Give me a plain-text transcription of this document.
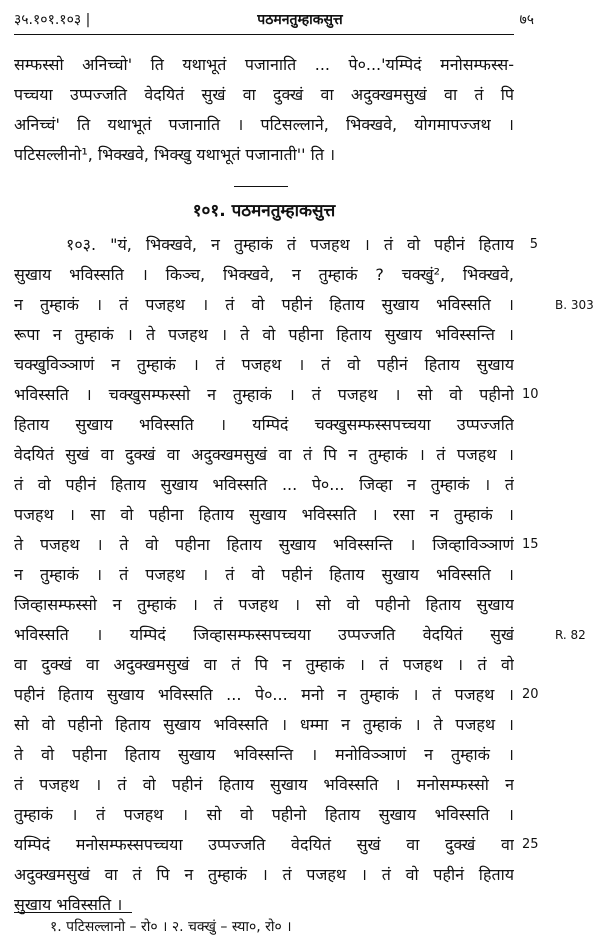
३५.१०१.१०३ |	पठमनतुम्हाकसुत्त	७५
सम्फस्सो अनिच्चो' ति यथाभूतं पजानाति ... पे०...'यम्पिदं मनोसम्फस्स-
पच्चया उप्पज्जति वेदयितं सुखं वा दुक्खं वा अदुक्खमसुखं वा तं पि
अनिच्चं' ति यथाभूतं पजानाति । पटिसल्लाने, भिक्खवे, योगमापज्जथ ।
पटिसल्लीनो¹, भिक्खवे, भिक्खु यथाभूतं पजानाती'' ति ।
१०१. पठमनतुम्हाकसुत्त
१०३. "यं, भिक्खवे, न तुम्हाकं तं पजहथ । तं वो पहीनं हिताय
सुखाय भविस्सति । किञ्च, भिक्खवे, न तुम्हाकं ? चक्खुं², भिक्खवे,
न तुम्हाकं । तं पजहथ । तं वो पहीनं हिताय सुखाय भविस्सति ।
रूपा न तुम्हाकं । ते पजहथ । ते वो पहीना हिताय सुखाय भविस्सन्ति ।
चक्खुविञ्ञाणं न तुम्हाकं । तं पजहथ । तं वो पहीनं हिताय सुखाय
भविस्सति । चक्खुसम्फस्सो न तुम्हाकं । तं पजहथ । सो वो पहीनो
हिताय सुखाय भविस्सति । यम्पिदं चक्खुसम्फस्सपच्चया उप्पज्जति
वेदयितं सुखं वा दुक्खं वा अदुक्खमसुखं वा तं पि न तुम्हाकं । तं पजहथ ।
तं वो पहीनं हिताय सुखाय भविस्सति ... पे०... जिव्हा न तुम्हाकं । तं
पजहथ । सा वो पहीना हिताय सुखाय भविस्सति । रसा न तुम्हाकं ।
ते पजहथ । ते वो पहीना हिताय सुखाय भविस्सन्ति । जिव्हाविञ्ञाणं
न तुम्हाकं । तं पजहथ । तं वो पहीनं हिताय सुखाय भविस्सति ।
जिव्हासम्फस्सो न तुम्हाकं । तं पजहथ । सो वो पहीनो हिताय सुखाय
भविस्सति । यम्पिदं जिव्हासम्फस्सपच्चया उप्पज्जति वेदयितं सुखं
वा दुक्खं वा अदुक्खमसुखं वा तं पि न तुम्हाकं । तं पजहथ । तं वो
पहीनं हिताय सुखाय भविस्सति ... पे०... मनो न तुम्हाकं । तं पजहथ ।
सो वो पहीनो हिताय सुखाय भविस्सति । धम्मा न तुम्हाकं । ते पजहथ ।
ते वो पहीना हिताय सुखाय भविस्सन्ति । मनोविञ्ञाणं न तुम्हाकं ।
तं पजहथ । तं वो पहीनं हिताय सुखाय भविस्सति । मनोसम्फस्सो न
तुम्हाकं । तं पजहथ । सो वो पहीनो हिताय सुखाय भविस्सति ।
यम्पिदं मनोसम्फस्सपच्चया उप्पज्जति वेदयितं सुखं वा दुक्खं वा
अदुक्खमसुखं वा तं पि न तुम्हाकं । तं पजहथ । तं वो पहीनं हिताय
सुखाय भविस्सति ।
5
10
15
20
25
B. 303
R. 82
१. पटिसल्लानो – रो० । २. चक्खुं – स्या०, रो० ।
